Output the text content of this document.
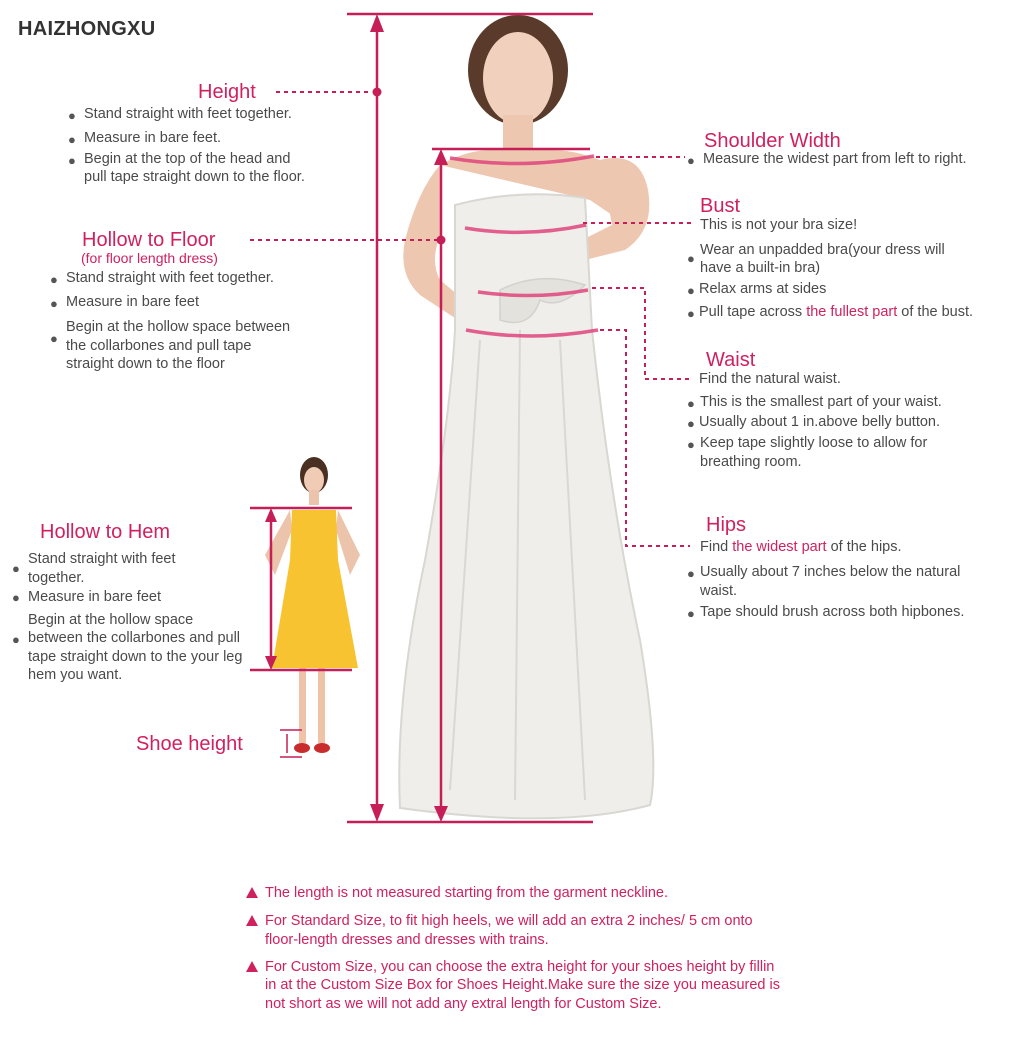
HAIZHONGXU
Height
Stand straight with feet together.
Measure in bare feet.
Begin at the top of the head and
pull tape straight down to the floor.
●
●
●
Hollow to Floor
(for floor length dress)
Stand straight with feet together.
Measure in bare feet
Begin at the hollow space between
the collarbones and pull tape
straight down to the floor
●
●
●
Hollow to Hem
Stand straight with feet
together.
Measure in bare feet
Begin at the hollow space
between the collarbones and pull
tape straight down to the your leg
hem you want.
●
●
●
Shoe height
Shoulder Width
Measure the widest part from left to right.
●
Bust
This is not your bra size!
Wear an unpadded bra(your dress will
have a built-in bra)
Relax arms at sides
Pull tape across the fullest part of the bust.
●
●
●
Waist
Find the natural waist.
This is the smallest part of your waist.
Usually about 1 in.above belly button.
Keep tape slightly loose to allow for
breathing room.
●
●
●
Hips
Find the widest part of the hips.
Usually about 7 inches below the natural
waist.
Tape should brush across both hipbones.
●
●
The length is not measured starting from the garment neckline.
For Standard Size, to fit high heels, we will add an extra 2 inches/ 5 cm onto
floor-length dresses and dresses with trains.
For Custom Size, you can choose the extra height for your shoes height by fillin
in at the Custom Size Box for Shoes Height.Make sure the size you measured is
not short as we will not add any extral length for Custom Size.
